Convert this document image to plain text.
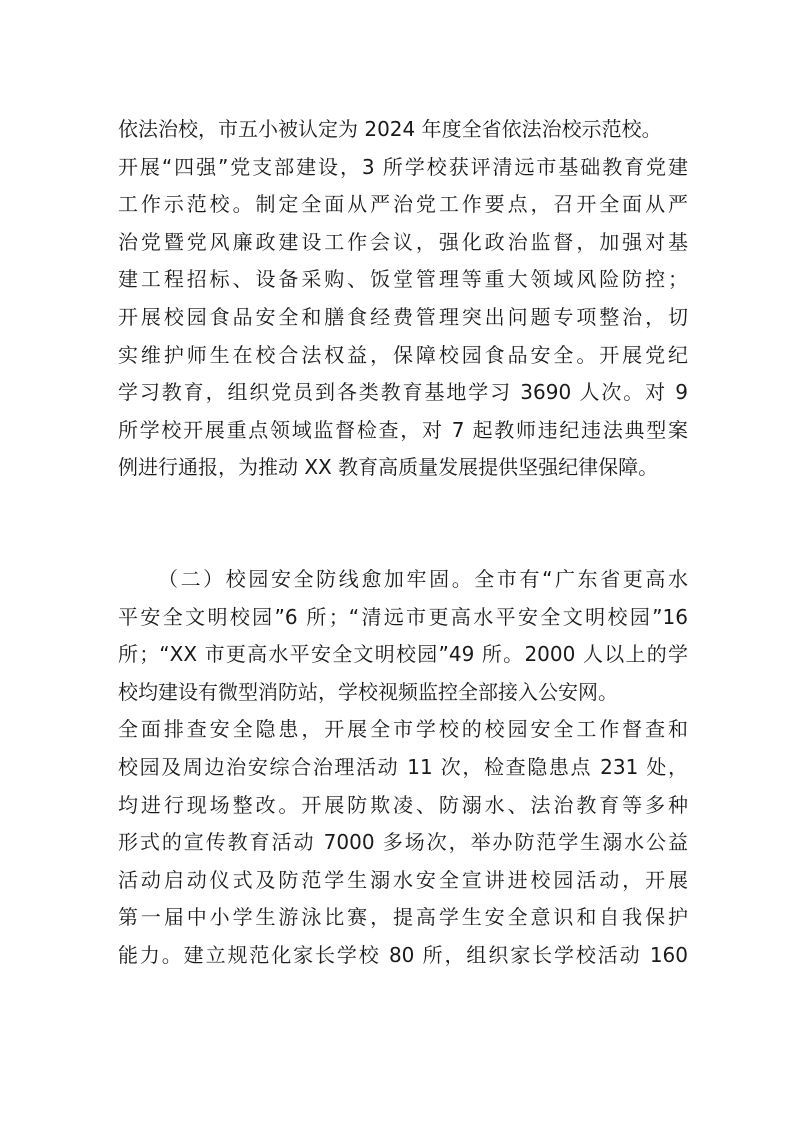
依法治校，市五小被认定为 2024 年度全省依法治校示范校。
开展“四强”党支部建设，3 所学校获评清远市基础教育党建
工作示范校。制定全面从严治党工作要点，召开全面从严
治党暨党风廉政建设工作会议，强化政治监督，加强对基
建工程招标、设备采购、饭堂管理等重大领域风险防控；
开展校园食品安全和膳食经费管理突出问题专项整治，切
实维护师生在校合法权益，保障校园食品安全。开展党纪
学习教育，组织党员到各类教育基地学习 3690 人次。对 9
所学校开展重点领域监督检查，对 7 起教师违纪违法典型案
例进行通报，为推动 XX 教育高质量发展提供坚强纪律保障。
（二）校园安全防线愈加牢固。全市有“广东省更高水
平安全文明校园”6 所；“清远市更高水平安全文明校园”16
所；“XX 市更高水平安全文明校园”49 所。2000 人以上的学
校均建设有微型消防站，学校视频监控全部接入公安网。
全面排查安全隐患，开展全市学校的校园安全工作督查和
校园及周边治安综合治理活动 11 次，检查隐患点 231 处，
均进行现场整改。开展防欺凌、防溺水、法治教育等多种
形式的宣传教育活动 7000 多场次，举办防范学生溺水公益
活动启动仪式及防范学生溺水安全宣讲进校园活动，开展
第一届中小学生游泳比赛，提高学生安全意识和自我保护
能力。建立规范化家长学校 80 所，组织家长学校活动 160
